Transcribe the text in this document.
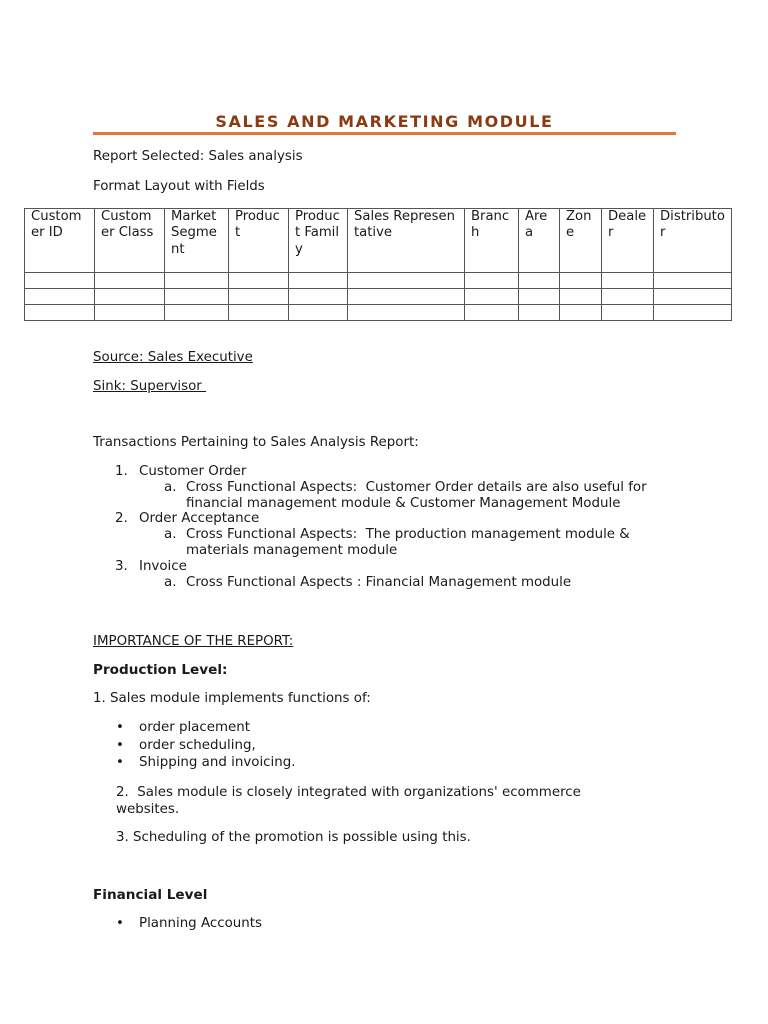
SALES AND MARKETING MODULE
Report Selected: Sales analysis
Format Layout with Fields
Customer ID	Customer Class	Market Segment	Product	Product Family	Sales Representative	Branch	Area	Zone	Dealer	Distributor

Source: Sales Executive
Sink: Supervisor
Transactions Pertaining to Sales Analysis Report:
1. Customer Order
a. Cross Functional Aspects:  Customer Order details are also useful for
financial management module & Customer Management Module
2. Order Acceptance
a. Cross Functional Aspects:  The production management module &
materials management module
3. Invoice
a. Cross Functional Aspects : Financial Management module
IMPORTANCE OF THE REPORT:
Production Level:
1. Sales module implements functions of:
• order placement
• order scheduling,
• Shipping and invoicing.
2.  Sales module is closely integrated with organizations' ecommerce
websites.
3. Scheduling of the promotion is possible using this.
Financial Level
• Planning Accounts
